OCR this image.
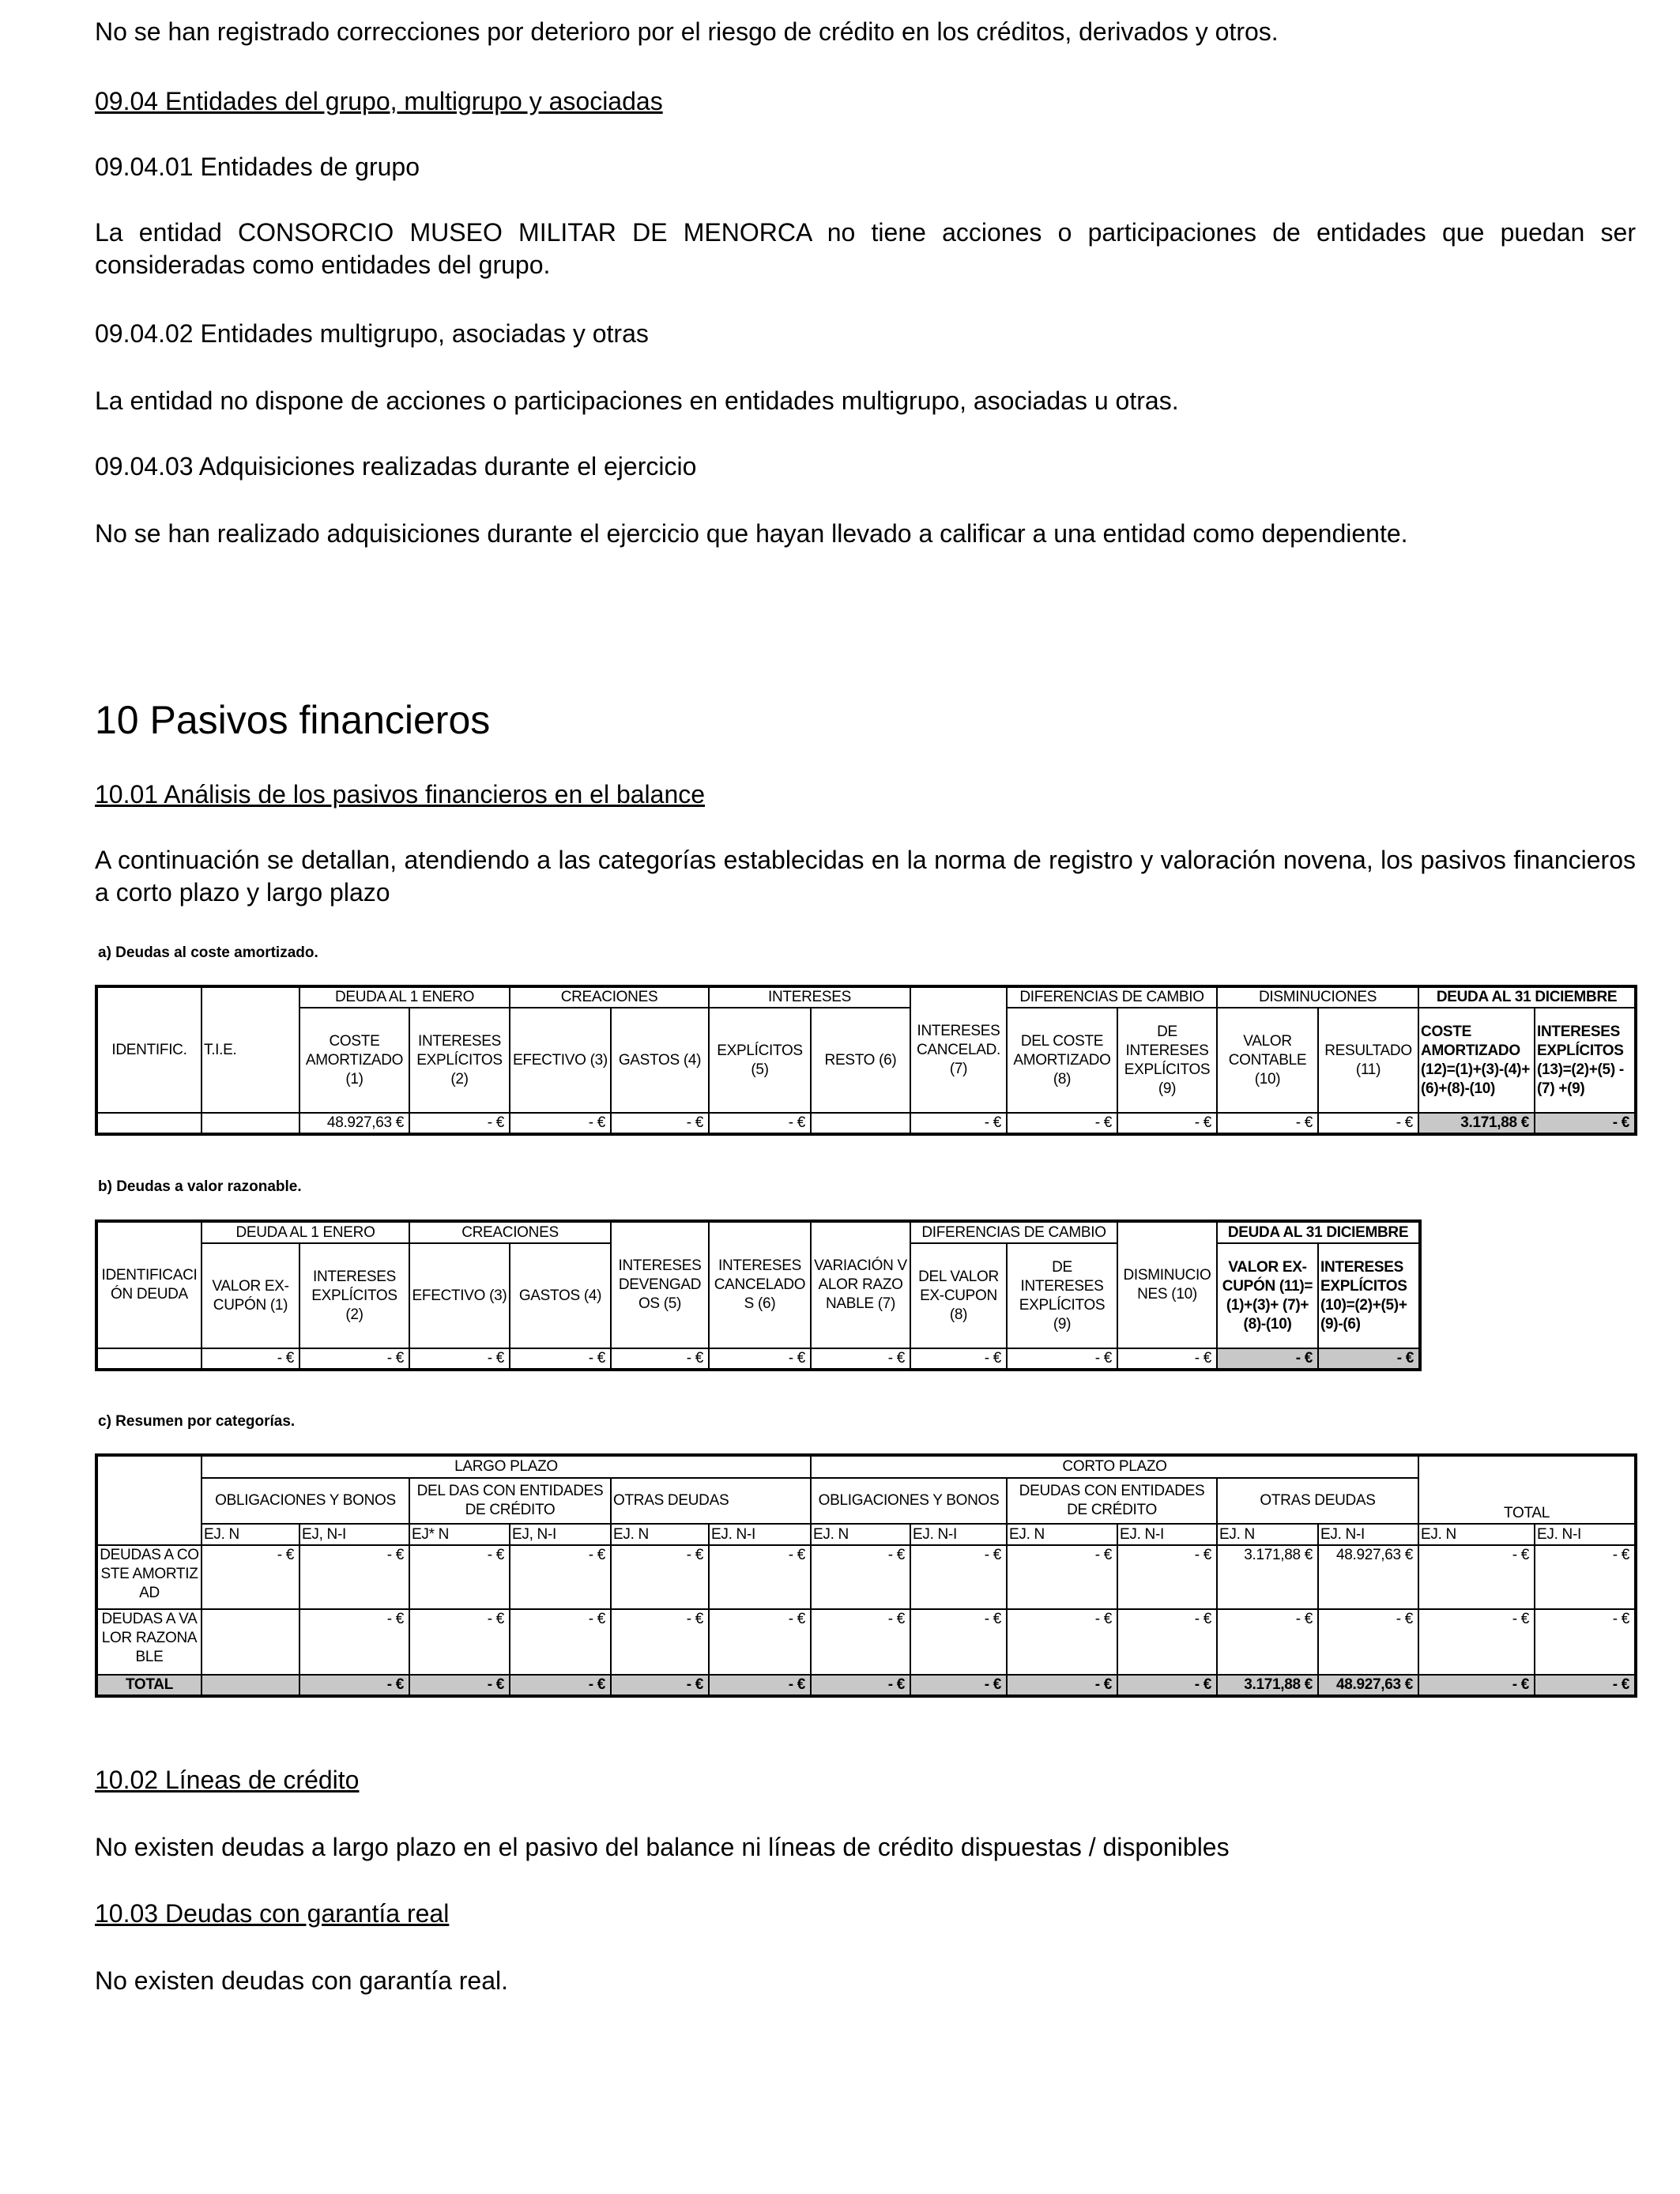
No se han registrado correcciones por deterioro por el riesgo de crédito en los créditos, derivados y otros.

09.04 Entidades del grupo, multigrupo y asociadas

09.04.01 Entidades de grupo

La entidad CONSORCIO MUSEO MILITAR DE MENORCA no tiene acciones o participaciones de entidades que puedan ser consideradas como entidades del grupo.

09.04.02 Entidades multigrupo, asociadas y otras

La entidad no dispone de acciones o participaciones en entidades multigrupo, asociadas u otras.

09.04.03 Adquisiciones realizadas durante el ejercicio

No se han realizado adquisiciones durante el ejercicio que hayan llevado a calificar a una entidad como dependiente.

10 Pasivos financieros

10.01 Análisis de los pasivos financieros en el balance

A continuación se detallan, atendiendo a las categorías establecidas en la norma de registro y valoración novena, los pasivos financieros a corto plazo y largo plazo

a) Deudas al coste amortizado.
IDENTIFIC.	T.I.E.	DEUDA AL 1 ENERO		CREACIONES		INTERESES		INTERESES CANCELAD. (7)	DIFERENCIAS DE CAMBIO		DISMINUCIONES		DEUDA AL 31 DICIEMBRE	
		COSTE AMORTIZADO (1)	INTERESES EXPLÍCITOS (2)	EFECTIVO (3)	GASTOS (4)	EXPLÍCITOS (5)	RESTO (6)		DEL COSTE AMORTIZADO (8)	DE INTERESES EXPLÍCITOS (9)	VALOR CONTABLE (10)	RESULTADO (11)	COSTE AMORTIZADO (12)=(1)+(3)-(4)+(6)+(8)-(10)	INTERESES EXPLÍCITOS (13)=(2)+(5) -(7) +(9)
		48.927,63 €	- €	- €	- €	- €		- €	- €	- €	- €	- €	3.171,88 €	- €
b) Deudas a valor razonable.
IDENTIFICACIÓN DEUDA	DEUDA AL 1 ENERO		CREACIONES		INTERESES DEVENGADOS (5)	INTERESES CANCELADOS (6)	VARIACIÓN VALOR RAZONABLE (7)	DIFERENCIAS DE CAMBIO		DISMINUCIONES (10)	DEUDA AL 31 DICIEMBRE	
	VALOR EX-CUPÓN (1)	INTERESES EXPLÍCITOS (2)	EFECTIVO (3)	GASTOS (4)				DEL VALOR EX-CUPON (8)	DE INTERESES EXPLÍCITOS (9)		VALOR EX-CUPÓN (11)=(1)+(3)+ (7)+(8)-(10)	INTERESES EXPLÍCITOS (10)=(2)+(5)+ (9)-(6)
	- €	- €	- €	- €	- €	- €	- €	- €	- €	- €	- €	- €
c) Resumen por categorías.
	LARGO PLAZO						CORTO PLAZO						TOTAL	
	OBLIGACIONES Y BONOS		DEL DAS CON ENTIDADES DE CRÉDITO		OTRAS DEUDAS		OBLIGACIONES Y BONOS		DEUDAS CON ENTIDADES DE CRÉDITO		OTRAS DEUDAS			
	EJ. N	EJ, N-I	EJ* N	EJ, N-I	EJ. N	EJ. N-I	EJ. N	EJ. N-I	EJ. N	EJ. N-I	EJ. N	EJ. N-I	EJ. N	EJ. N-I
DEUDAS A COSTE AMORTIZAD	- €	- €	- €	- €	- €	- €	- €	- €	- €	- €	3.171,88 €	48.927,63 €	- €	- €
DEUDAS A VALOR RAZONABLE		- €	- €	- €	- €	- €	- €	- €	- €	- €	- €	- €	- €	- €
TOTAL		- €	- €	- €	- €	- €	- €	- €	- €	- €	3.171,88 €	48.927,63 €	- €	- €

10.02 Líneas de crédito

No existen deudas a largo plazo en el pasivo del balance ni líneas de crédito dispuestas / disponibles

10.03 Deudas con garantía real

No existen deudas con garantía real.
